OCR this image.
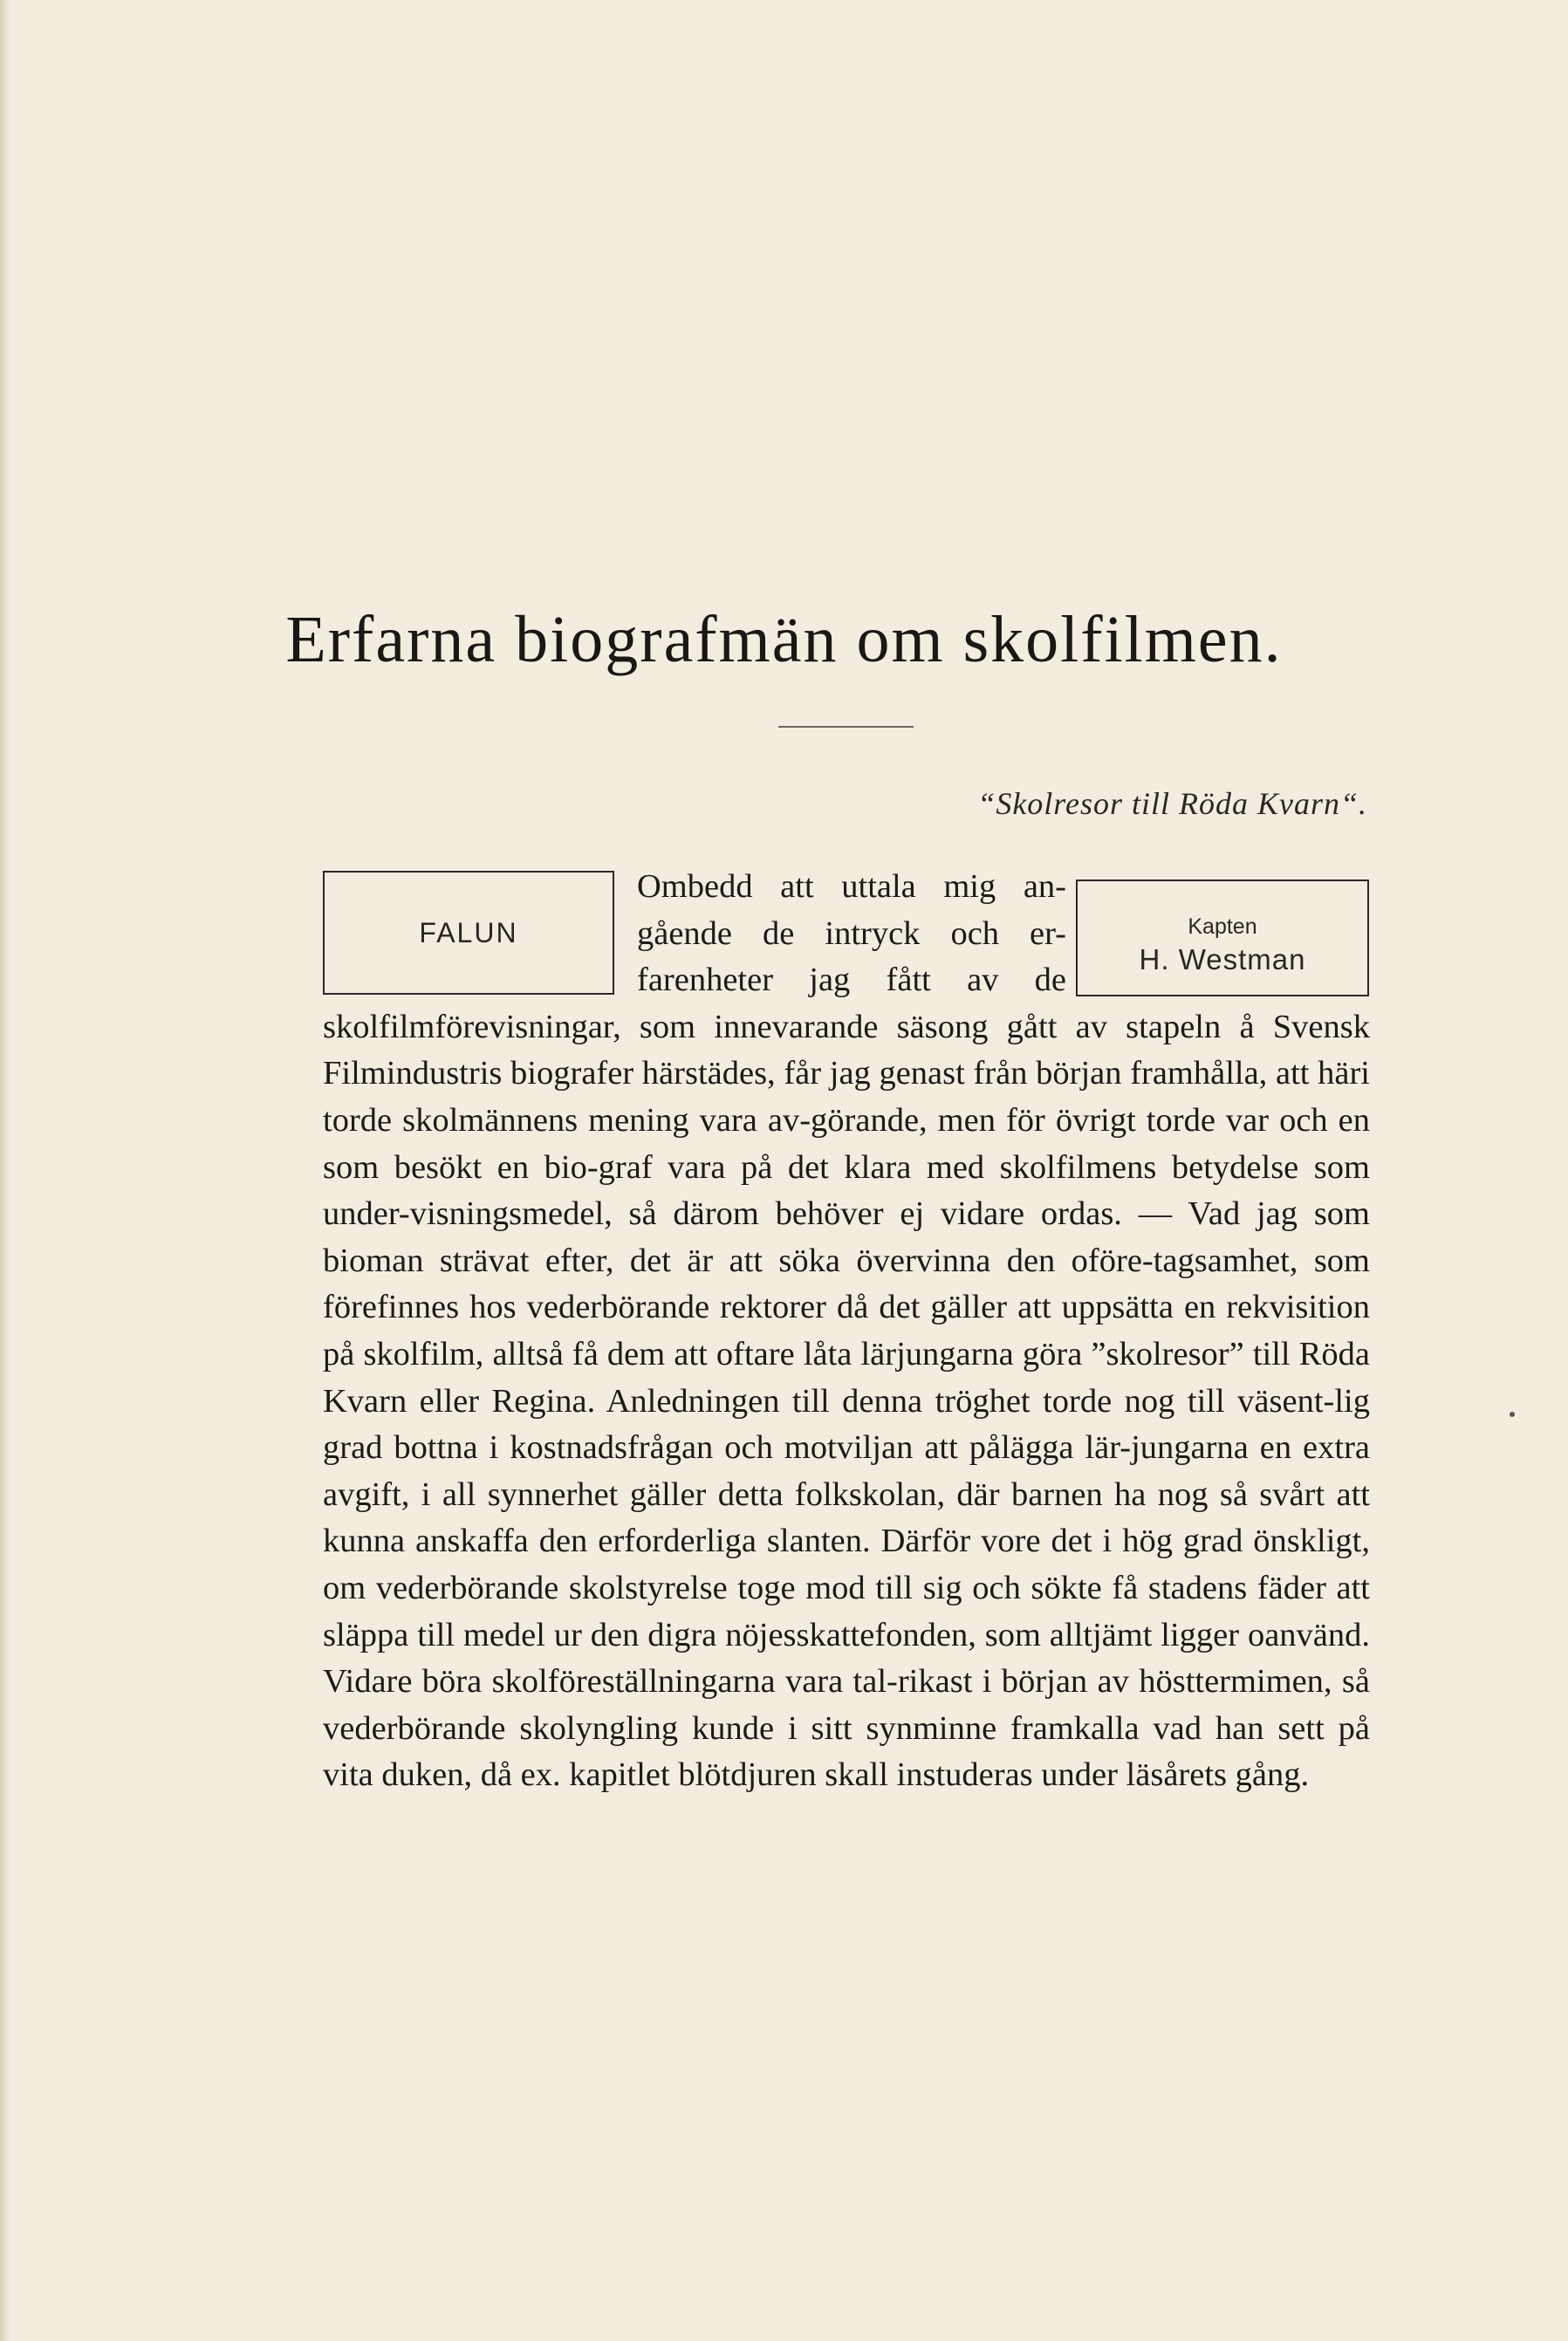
Erfarna biografmän om skolfilmen.
“Skolresor till Röda Kvarn“.
FALUN	Kapten
H. Westman
Ombedd att uttala mig an-gående de intryck och er-farenheter jag fått av de skolfilmförevisningar, som innevarande säsong gått av stapeln å Svensk Filmindustris biografer härstädes, får jag genast från början framhålla, att häri torde skolmännens mening vara av-görande, men för övrigt torde var och en som besökt en bio-graf vara på det klara med skolfilmens betydelse som under-visningsmedel, så därom behöver ej vidare ordas. — Vad jag som bioman strävat efter, det är att söka övervinna den oföre-tagsamhet, som förefinnes hos vederbörande rektorer då det gäller att uppsätta en rekvisition på skolfilm, alltså få dem att oftare låta lärjungarna göra ”skolresor” till Röda Kvarn eller Regina. Anledningen till denna tröghet torde nog till väsent-lig grad bottna i kostnadsfrågan och motviljan att pålägga lär-jungarna en extra avgift, i all synnerhet gäller detta folkskolan, där barnen ha nog så svårt att kunna anskaffa den erforderliga slanten. Därför vore det i hög grad önskligt, om vederbörande skolstyrelse toge mod till sig och sökte få stadens fäder att släppa till medel ur den digra nöjesskattefonden, som alltjämt ligger oanvänd. Vidare böra skolföreställningarna vara tal-rikast i början av hösttermimen, så vederbörande skolyngling kunde i sitt synminne framkalla vad han sett på vita duken, då ex. kapitlet blötdjuren skall instuderas under läsårets gång.
